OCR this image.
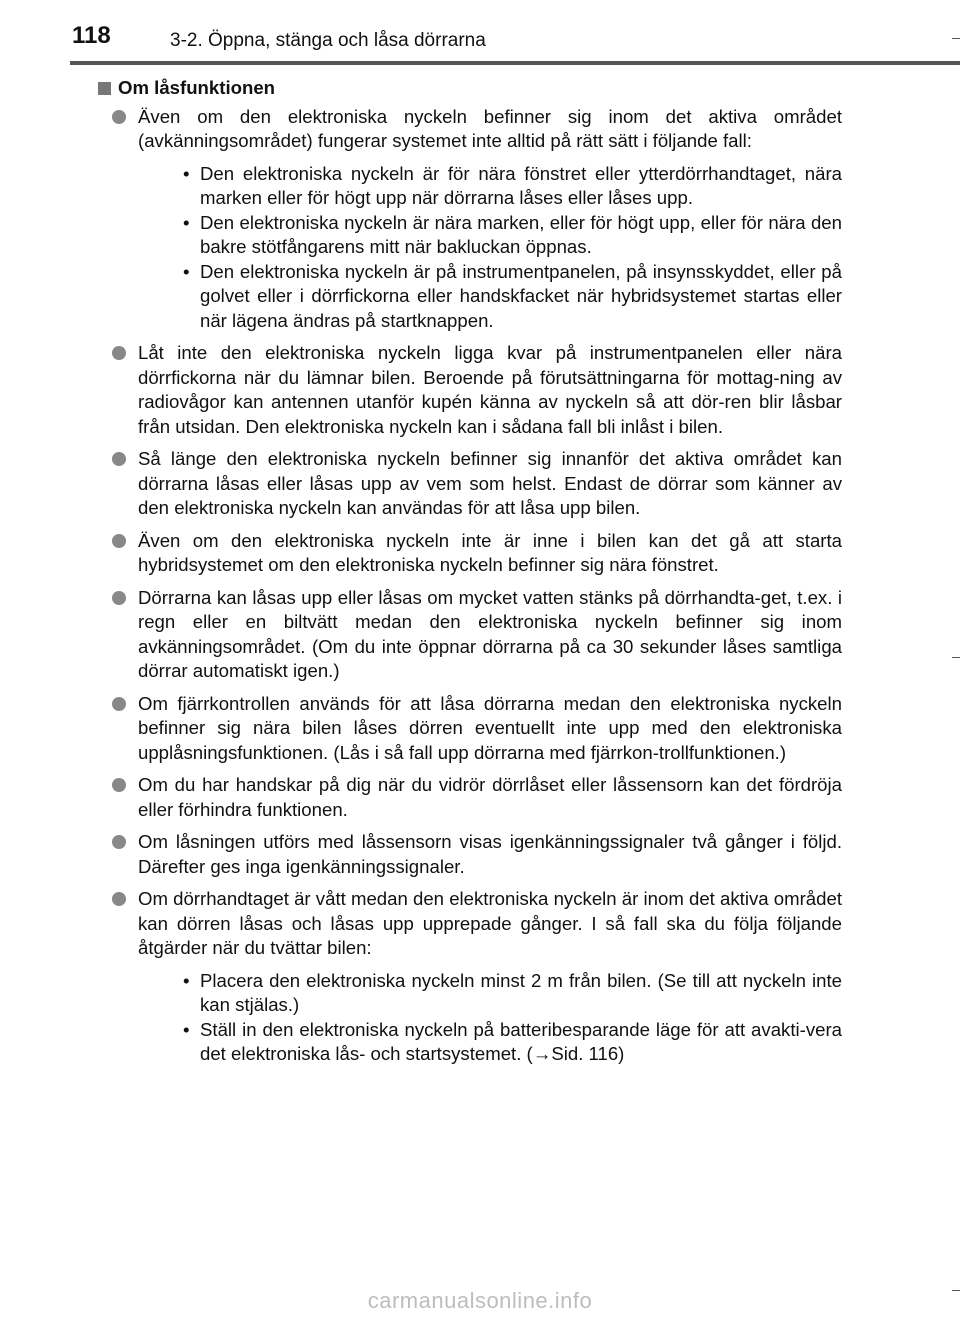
118	3-2. Öppna, stänga och låsa dörrarna
Om låsfunktionen
Även om den elektroniska nyckeln befinner sig inom det aktiva området (avkänningsområdet) fungerar systemet inte alltid på rätt sätt i följande fall:
• Den elektroniska nyckeln är för nära fönstret eller ytterdörrhandtaget, nära marken eller för högt upp när dörrarna låses eller låses upp.
• Den elektroniska nyckeln är nära marken, eller för högt upp, eller för nära den bakre stötfångarens mitt när bakluckan öppnas.
• Den elektroniska nyckeln är på instrumentpanelen, på insynsskyddet, eller på golvet eller i dörrfickorna eller handskfacket när hybridsystemet startas eller när lägena ändras på startknappen.
Låt inte den elektroniska nyckeln ligga kvar på instrumentpanelen eller nära dörrfickorna när du lämnar bilen. Beroende på förutsättningarna för mottag-ning av radiovågor kan antennen utanför kupén känna av nyckeln så att dör-ren blir låsbar från utsidan. Den elektroniska nyckeln kan i sådana fall bli inlåst i bilen.
Så länge den elektroniska nyckeln befinner sig innanför det aktiva området kan dörrarna låsas eller låsas upp av vem som helst. Endast de dörrar som känner av den elektroniska nyckeln kan användas för att låsa upp bilen.
Även om den elektroniska nyckeln inte är inne i bilen kan det gå att starta hybridsystemet om den elektroniska nyckeln befinner sig nära fönstret.
Dörrarna kan låsas upp eller låsas om mycket vatten stänks på dörrhandta-get, t.ex. i regn eller en biltvätt medan den elektroniska nyckeln befinner sig inom avkänningsområdet. (Om du inte öppnar dörrarna på ca 30 sekunder låses samtliga dörrar automatiskt igen.)
Om fjärrkontrollen används för att låsa dörrarna medan den elektroniska nyckeln befinner sig nära bilen låses dörren eventuellt inte upp med den elektroniska upplåsningsfunktionen. (Lås i så fall upp dörrarna med fjärrkon-trollfunktionen.)
Om du har handskar på dig när du vidrör dörrlåset eller låssensorn kan det fördröja eller förhindra funktionen.
Om låsningen utförs med låssensorn visas igenkänningssignaler två gånger i följd. Därefter ges inga igenkänningssignaler.
Om dörrhandtaget är vått medan den elektroniska nyckeln är inom det aktiva området kan dörren låsas och låsas upp upprepade gånger. I så fall ska du följa följande åtgärder när du tvättar bilen:
• Placera den elektroniska nyckeln minst 2 m från bilen. (Se till att nyckeln inte kan stjälas.)
• Ställ in den elektroniska nyckeln på batteribesparande läge för att avakti-vera det elektroniska lås- och startsystemet. (→Sid. 116)
carmanualsonline.info
